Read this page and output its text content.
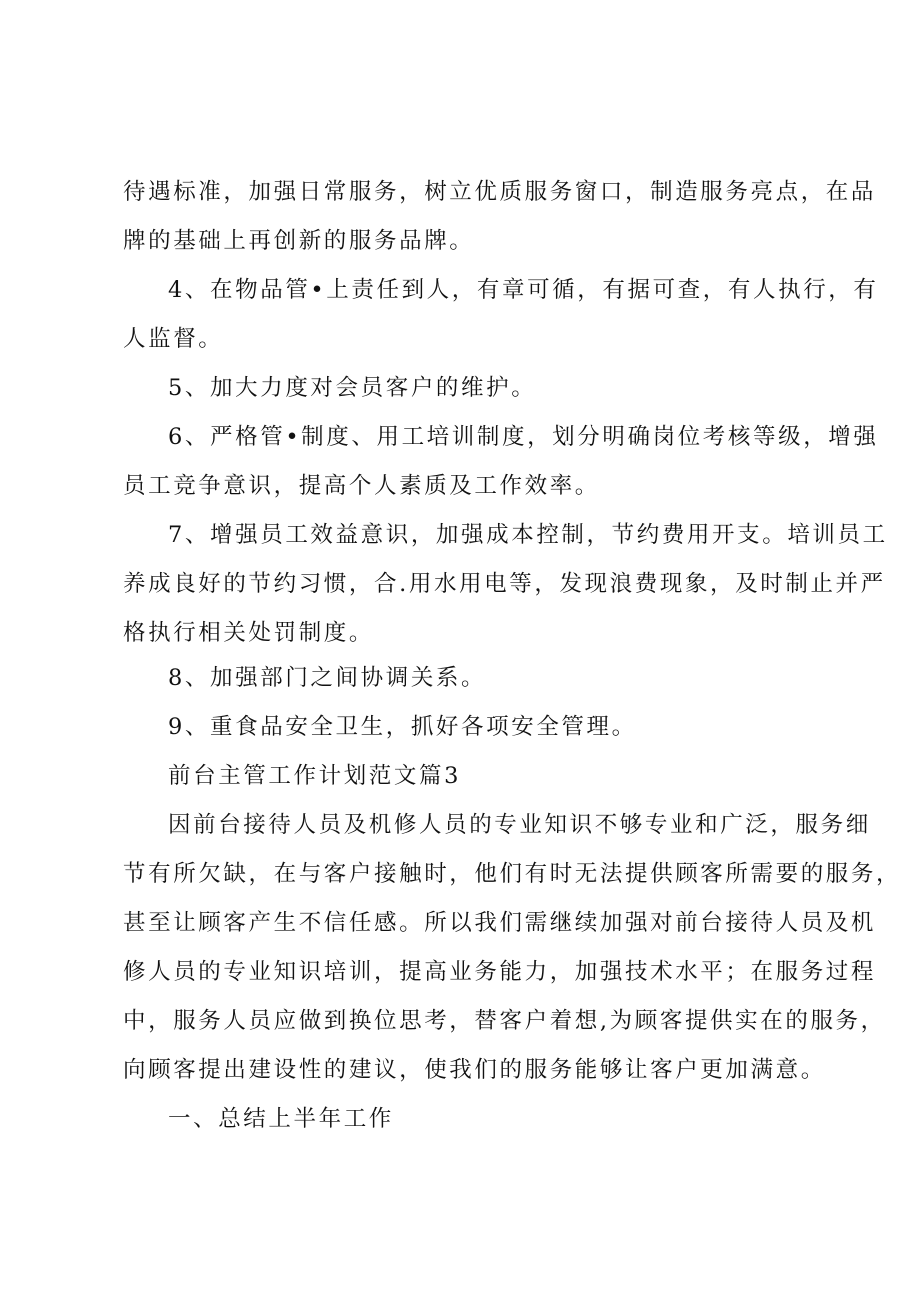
待遇标准，加强日常服务，树立优质服务窗口，制造服务亮点，在品
牌的基础上再创新的服务品牌。
4、在物品管•上责任到人，有章可循，有据可查，有人执行，有
人监督。
5、加大力度对会员客户的维护。
6、严格管•制度、用工培训制度，划分明确岗位考核等级，增强
员工竞争意识，提高个人素质及工作效率。
7、增强员工效益意识，加强成本控制，节约费用开支。培训员工
养成良好的节约习惯，合.用水用电等，发现浪费现象，及时制止并严
格执行相关处罚制度。
8、加强部门之间协调关系。
9、重食品安全卫生，抓好各项安全管理。
前台主管工作计划范文篇3
因前台接待人员及机修人员的专业知识不够专业和广泛，服务细
节有所欠缺，在与客户接触时，他们有时无法提供顾客所需要的服务，
甚至让顾客产生不信任感。所以我们需继续加强对前台接待人员及机
修人员的专业知识培训，提高业务能力，加强技术水平；在服务过程
中，服务人员应做到换位思考，替客户着想,为顾客提供实在的服务，
向顾客提出建设性的建议，使我们的服务能够让客户更加满意。
一、总结上半年工作
